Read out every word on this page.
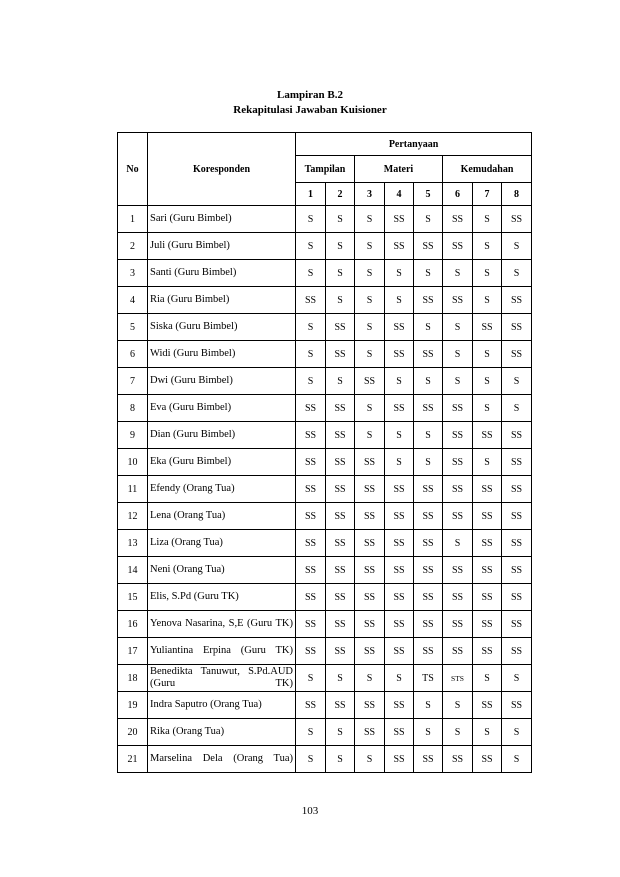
Lampiran B.2
Rekapitulasi Jawaban Kuisioner
No	Koresponden	Pertanyaan							
		Tampilan		Materi			Kemudahan		
		1	2	3	4	5	6	7	8
1	Sari (Guru Bimbel)	S	S	S	SS	S	SS	S	SS
2	Juli (Guru Bimbel)	S	S	S	SS	SS	SS	S	S
3	Santi (Guru Bimbel)	S	S	S	S	S	S	S	S
4	Ria (Guru Bimbel)	SS	S	S	S	SS	SS	S	SS
5	Siska (Guru Bimbel)	S	SS	S	SS	S	S	SS	SS
6	Widi (Guru Bimbel)	S	SS	S	SS	SS	S	S	SS
7	Dwi (Guru Bimbel)	S	S	SS	S	S	S	S	S
8	Eva (Guru Bimbel)	SS	SS	S	SS	SS	SS	S	S
9	Dian (Guru Bimbel)	SS	SS	S	S	S	SS	SS	SS
10	Eka (Guru Bimbel)	SS	SS	SS	S	S	SS	S	SS
11	Efendy (Orang Tua)	SS	SS	SS	SS	SS	SS	SS	SS
12	Lena (Orang Tua)	SS	SS	SS	SS	SS	SS	SS	SS
13	Liza (Orang Tua)	SS	SS	SS	SS	SS	S	SS	SS
14	Neni (Orang Tua)	SS	SS	SS	SS	SS	SS	SS	SS
15	Elis, S.Pd (Guru TK)	SS	SS	SS	SS	SS	SS	SS	SS
16	Yenova Nasarina, S,E (Guru TK)	SS	SS	SS	SS	SS	SS	SS	SS
17	Yuliantina Erpina (Guru TK)	SS	SS	SS	SS	SS	SS	SS	SS
18	Benedikta Tanuwut, S.Pd.AUD (Guru TK)	S	S	S	S	TS	STS	S	S
19	Indra Saputro (Orang Tua)	SS	SS	SS	SS	S	S	SS	SS
20	Rika (Orang Tua)	S	S	SS	SS	S	S	S	S
21	Marselina Dela (Orang Tua)	S	S	S	SS	SS	SS	SS	S
103
